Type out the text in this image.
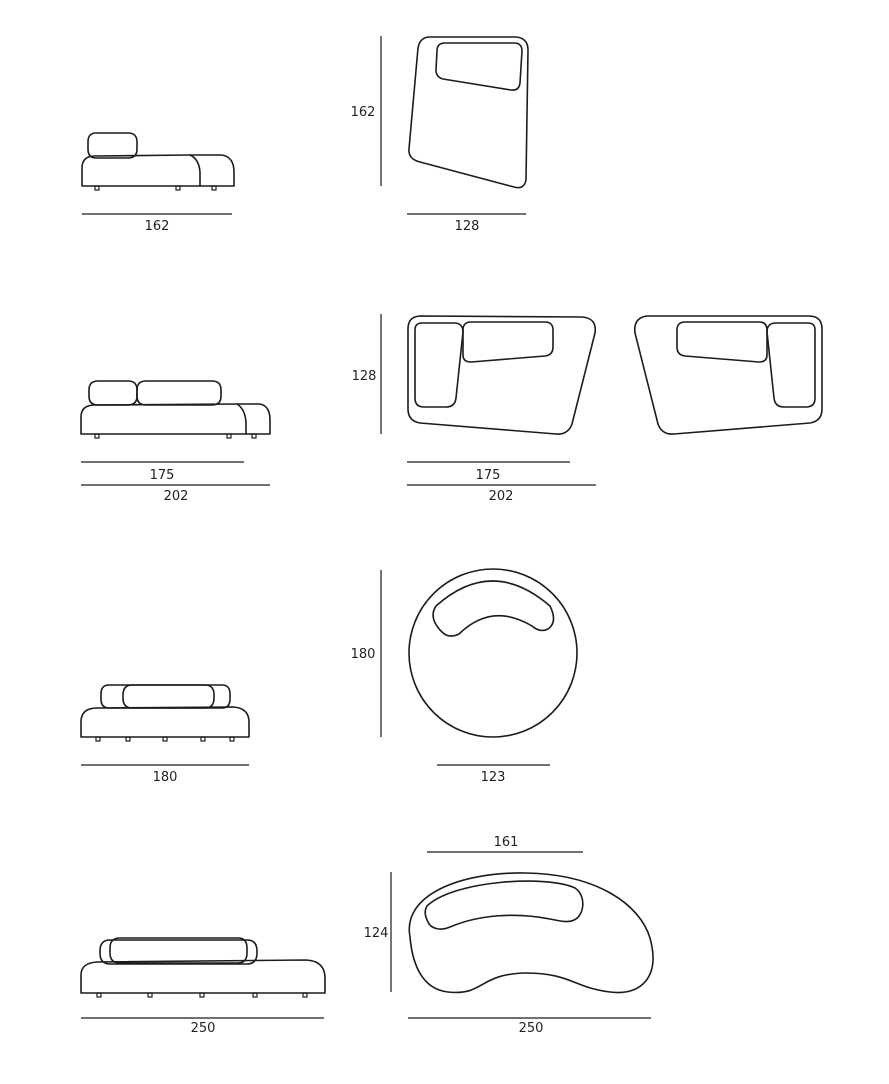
162
162
128
175
202
128
175
202
180
180
123
250
161
124
250
